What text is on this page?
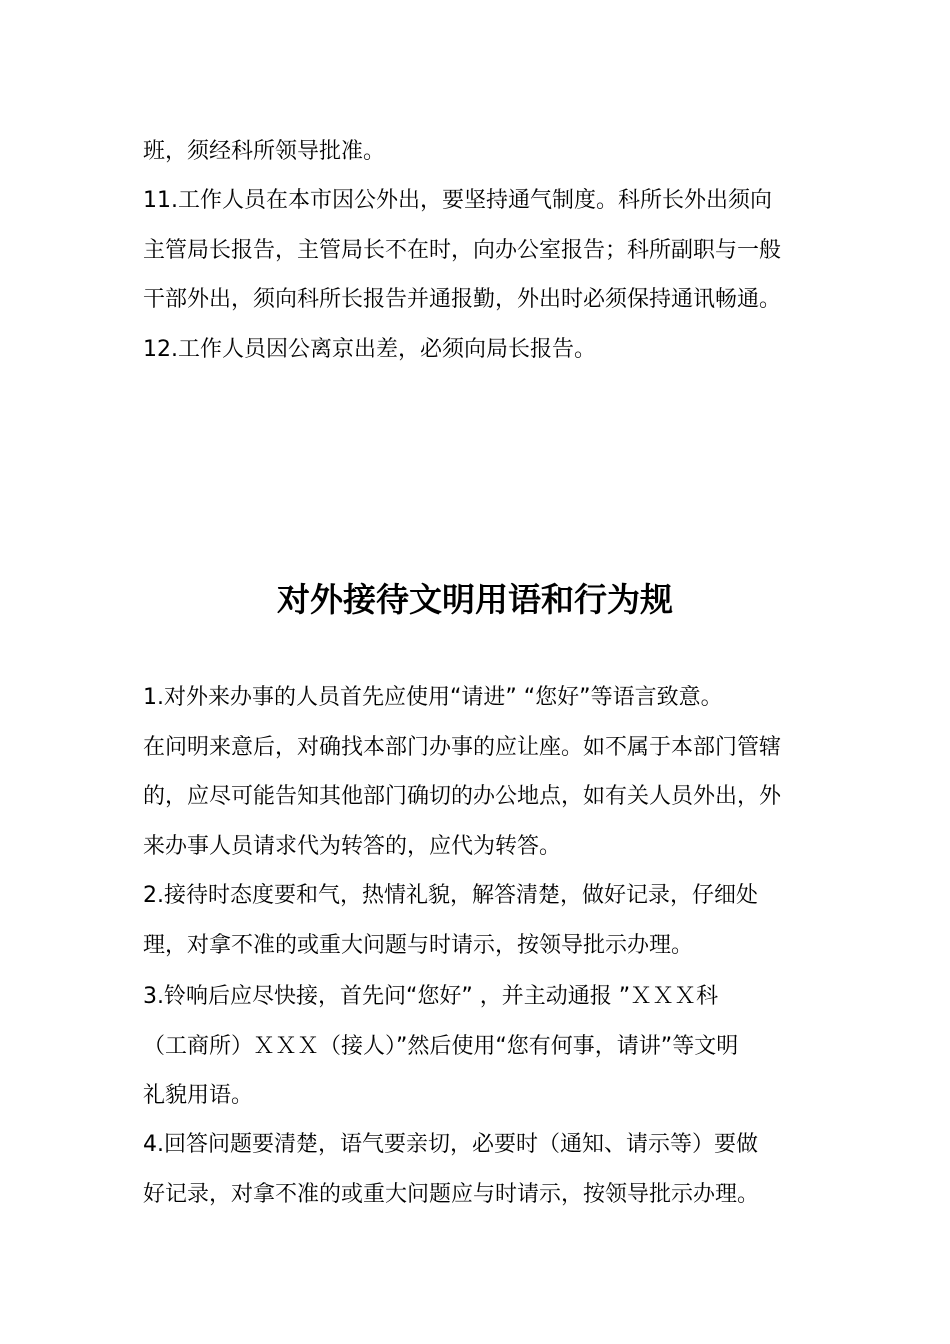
班，须经科所领导批准。
11.工作人员在本市因公外出，要坚持通气制度。科所长外出须向
主管局长报告，主管局长不在时，向办公室报告；科所副职与一般
干部外出，须向科所长报告并通报勤，外出时必须保持通讯畅通。
12.工作人员因公离京出差，必须向局长报告。
对外接待文明用语和行为规
1.对外来办事的人员首先应使用“请进” “您好”等语言致意。
在问明来意后，对确找本部门办事的应让座。如不属于本部门管辖
的，应尽可能告知其他部门确切的办公地点，如有关人员外出，外
来办事人员请求代为转答的，应代为转答。
2.接待时态度要和气，热情礼貌，解答清楚，做好记录，仔细处
理，对拿不准的或重大问题与时请示，按领导批示办理。
3.铃响后应尽快接，首先问“您好” ，并主动通报 ”ＸＸＸ科
（工商所）ＸＸＸ（接人）”然后使用“您有何事，请讲”等文明
礼貌用语。
4.回答问题要清楚，语气要亲切，必要时（通知、请示等）要做
好记录，对拿不准的或重大问题应与时请示，按领导批示办理。
